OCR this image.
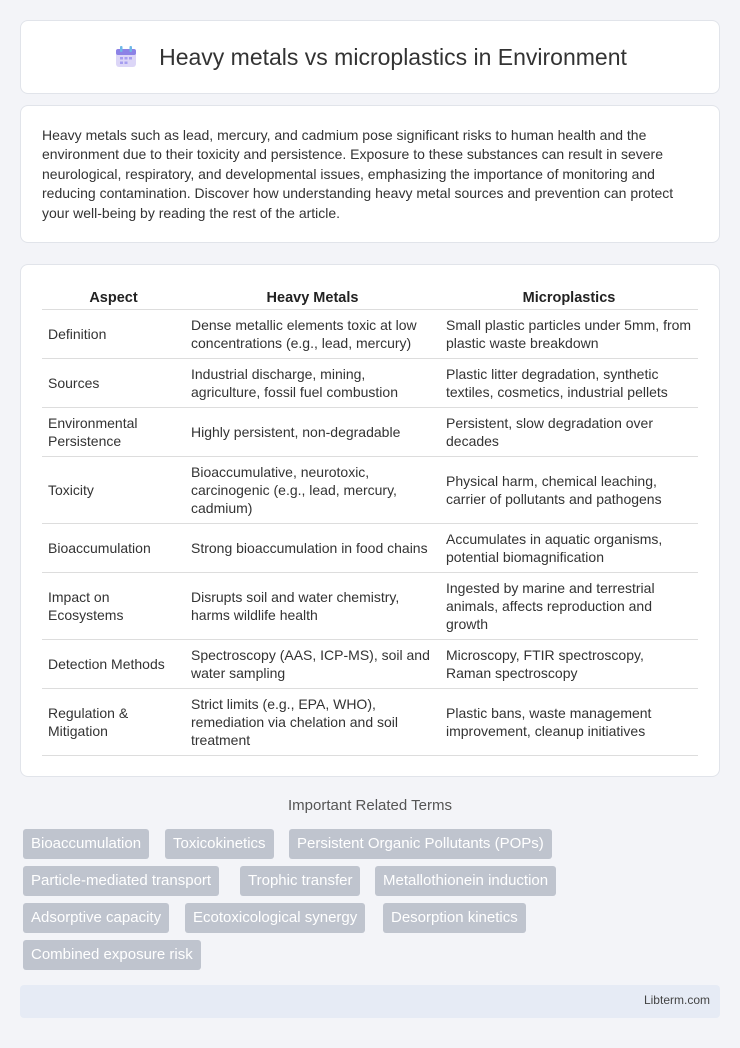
Heavy metals vs microplastics in Environment

Heavy metals such as lead, mercury, and cadmium pose significant risks to human health and the environment due to their toxicity and persistence. Exposure to these substances can result in severe neurological, respiratory, and developmental issues, emphasizing the importance of monitoring and reducing contamination. Discover how understanding heavy metal sources and prevention can protect your well-being by reading the rest of the article.

Aspect	Heavy Metals	Microplastics
Definition	Dense metallic elements toxic at low concentrations (e.g., lead, mercury)	Small plastic particles under 5mm, from plastic waste breakdown
Sources	Industrial discharge, mining, agriculture, fossil fuel combustion	Plastic litter degradation, synthetic textiles, cosmetics, industrial pellets
Environmental Persistence	Highly persistent, non-degradable	Persistent, slow degradation over decades
Toxicity	Bioaccumulative, neurotoxic, carcinogenic (e.g., lead, mercury, cadmium)	Physical harm, chemical leaching, carrier of pollutants and pathogens
Bioaccumulation	Strong bioaccumulation in food chains	Accumulates in aquatic organisms, potential biomagnification
Impact on Ecosystems	Disrupts soil and water chemistry, harms wildlife health	Ingested by marine and terrestrial animals, affects reproduction and growth
Detection Methods	Spectroscopy (AAS, ICP-MS), soil and water sampling	Microscopy, FTIR spectroscopy, Raman spectroscopy
Regulation & Mitigation	Strict limits (e.g., EPA, WHO), remediation via chelation and soil treatment	Plastic bans, waste management improvement, cleanup initiatives
Important Related Terms
Bioaccumulation	Toxicokinetics	Persistent Organic Pollutants (POPs)
Particle-mediated transport	Trophic transfer	Metallothionein induction
Adsorptive capacity	Ecotoxicological synergy	Desorption kinetics
Combined exposure risk
Libterm.com
